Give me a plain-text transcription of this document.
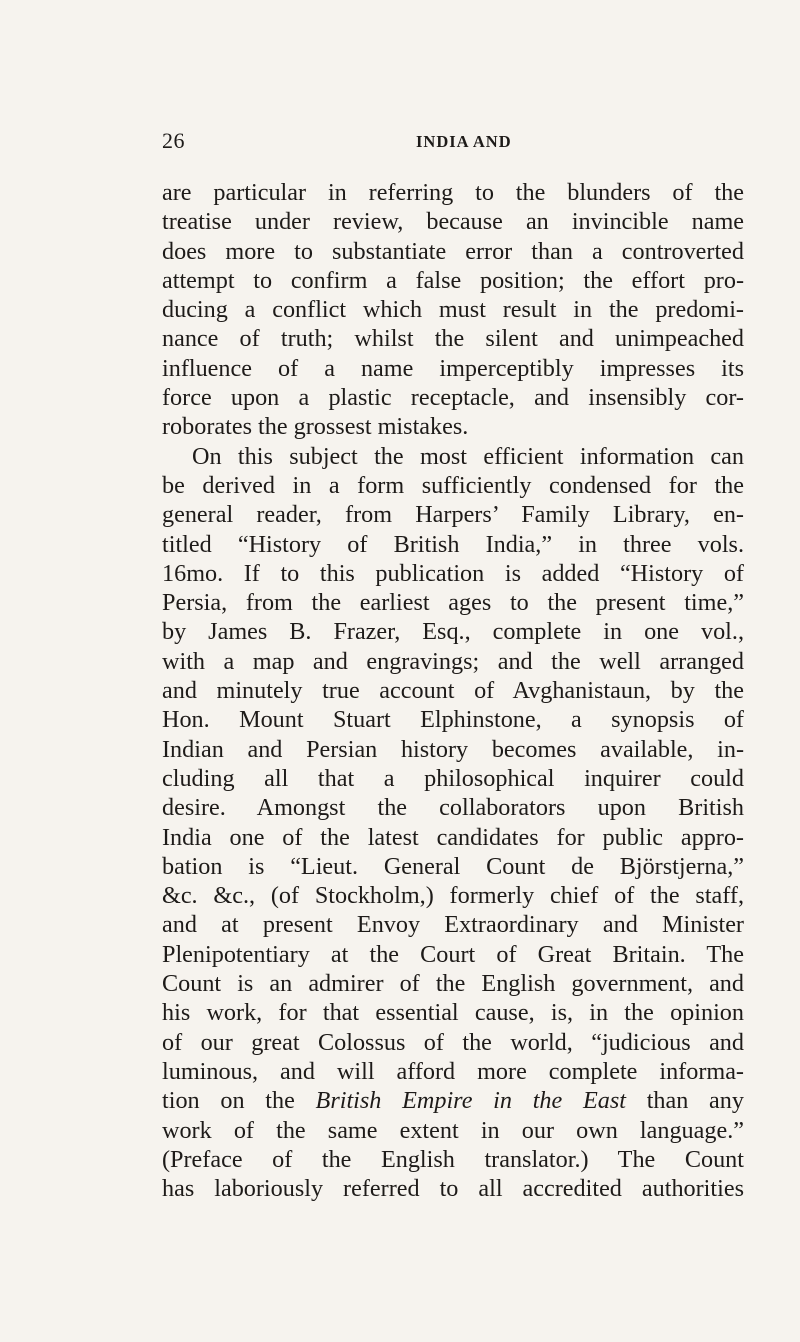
26	INDIA AND
are particular in referring to the blunders of the
treatise under review, because an invincible name
does more to substantiate error than a controverted
attempt to confirm a false position; the effort pro-
ducing a conflict which must result in the predomi-
nance of truth; whilst the silent and unimpeached
influence of a name imperceptibly impresses its
force upon a plastic receptacle, and insensibly cor-
roborates the grossest mistakes.
On this subject the most efficient information can
be derived in a form sufficiently condensed for the
general reader, from Harpers’ Family Library, en-
titled “History of British India,” in three vols.
16mo. If to this publication is added “History of
Persia, from the earliest ages to the present time,”
by James B. Frazer, Esq., complete in one vol.,
with a map and engravings; and the well arranged
and minutely true account of Avghanistaun, by the
Hon. Mount Stuart Elphinstone, a synopsis of
Indian and Persian history becomes available, in-
cluding all that a philosophical inquirer could
desire. Amongst the collaborators upon British
India one of the latest candidates for public appro-
bation is “Lieut. General Count de Björstjerna,”
&c. &c., (of Stockholm,) formerly chief of the staff,
and at present Envoy Extraordinary and Minister
Plenipotentiary at the Court of Great Britain. The
Count is an admirer of the English government, and
his work, for that essential cause, is, in the opinion
of our great Colossus of the world, “judicious and
luminous, and will afford more complete informa-
tion on the British Empire in the East than any
work of the same extent in our own language.”
(Preface of the English translator.) The Count
has laboriously referred to all accredited authorities
